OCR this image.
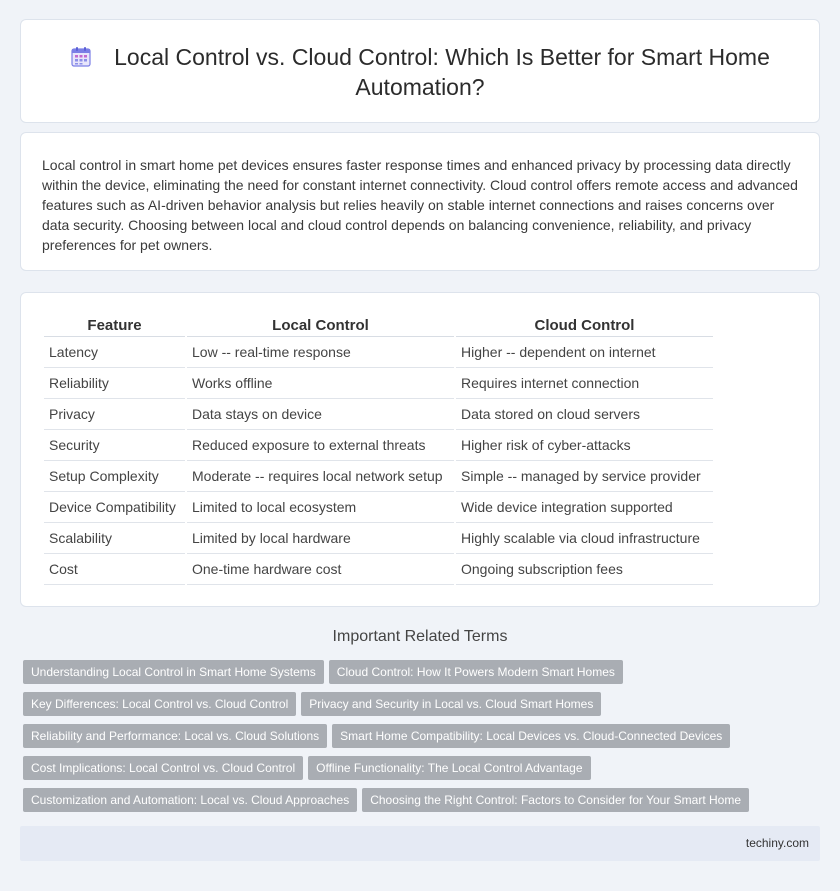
Local Control vs. Cloud Control: Which Is Better for Smart Home Automation?

Local control in smart home pet devices ensures faster response times and enhanced privacy by processing data directly within the device, eliminating the need for constant internet connectivity. Cloud control offers remote access and advanced features such as AI-driven behavior analysis but relies heavily on stable internet connections and raises concerns over data security. Choosing between local and cloud control depends on balancing convenience, reliability, and privacy preferences for pet owners.

Feature	Local Control	Cloud Control
Latency	Low -- real-time response	Higher -- dependent on internet
Reliability	Works offline	Requires internet connection
Privacy	Data stays on device	Data stored on cloud servers
Security	Reduced exposure to external threats	Higher risk of cyber-attacks
Setup Complexity	Moderate -- requires local network setup	Simple -- managed by service provider
Device Compatibility	Limited to local ecosystem	Wide device integration supported
Scalability	Limited by local hardware	Highly scalable via cloud infrastructure
Cost	One-time hardware cost	Ongoing subscription fees
Important Related Terms
Understanding Local Control in Smart Home Systems Cloud Control: How It Powers Modern Smart Homes
Key Differences: Local Control vs. Cloud Control Privacy and Security in Local vs. Cloud Smart Homes
Reliability and Performance: Local vs. Cloud Solutions Smart Home Compatibility: Local Devices vs. Cloud-Connected Devices
Cost Implications: Local Control vs. Cloud Control Offline Functionality: The Local Control Advantage
Customization and Automation: Local vs. Cloud Approaches Choosing the Right Control: Factors to Consider for Your Smart Home
techiny.com
